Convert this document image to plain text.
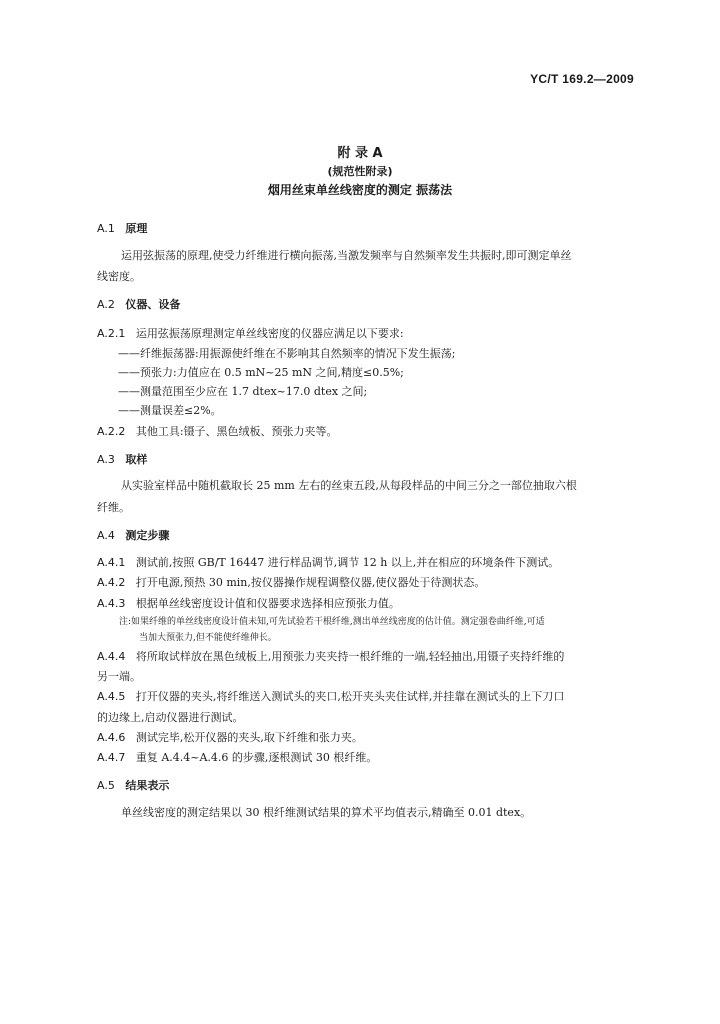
YC/T 169.2—2009
附 录 A
(规范性附录)
烟用丝束单丝线密度的测定 振荡法
A.1 原理
运用弦振荡的原理,使受力纤维进行横向振荡,当激发频率与自然频率发生共振时,即可测定单丝
线密度。
A.2 仪器、设备
A.2.1 运用弦振荡原理测定单丝线密度的仪器应满足以下要求:
——纤维振荡器:用振源使纤维在不影响其自然频率的情况下发生振荡;
——预张力:力值应在 0.5 mN~25 mN 之间,精度≤0.5%;
——测量范围至少应在 1.7 dtex~17.0 dtex 之间;
——测量误差≤2%。
A.2.2 其他工具:镊子、黑色绒板、预张力夹等。
A.3 取样
从实验室样品中随机截取长 25 mm 左右的丝束五段,从每段样品的中间三分之一部位抽取六根
纤维。
A.4 测定步骤
A.4.1 测试前,按照 GB/T 16447 进行样品调节,调节 12 h 以上,并在相应的环境条件下测试。
A.4.2 打开电源,预热 30 min,按仪器操作规程调整仪器,使仪器处于待测状态。
A.4.3 根据单丝线密度设计值和仪器要求选择相应预张力值。
注:如果纤维的单丝线密度设计值未知,可先试验若干根纤维,测出单丝线密度的估计值。测定强卷曲纤维,可适
当加大预张力,但不能使纤维伸长。
A.4.4 将所取试样放在黑色绒板上,用预张力夹夹持一根纤维的一端,轻轻抽出,用镊子夹持纤维的
另一端。
A.4.5 打开仪器的夹头,将纤维送入测试头的夹口,松开夹头夹住试样,并挂靠在测试头的上下刀口
的边缘上,启动仪器进行测试。
A.4.6 测试完毕,松开仪器的夹头,取下纤维和张力夹。
A.4.7 重复 A.4.4~A.4.6 的步骤,逐根测试 30 根纤维。
A.5 结果表示
单丝线密度的测定结果以 30 根纤维测试结果的算术平均值表示,精确至 0.01 dtex。
